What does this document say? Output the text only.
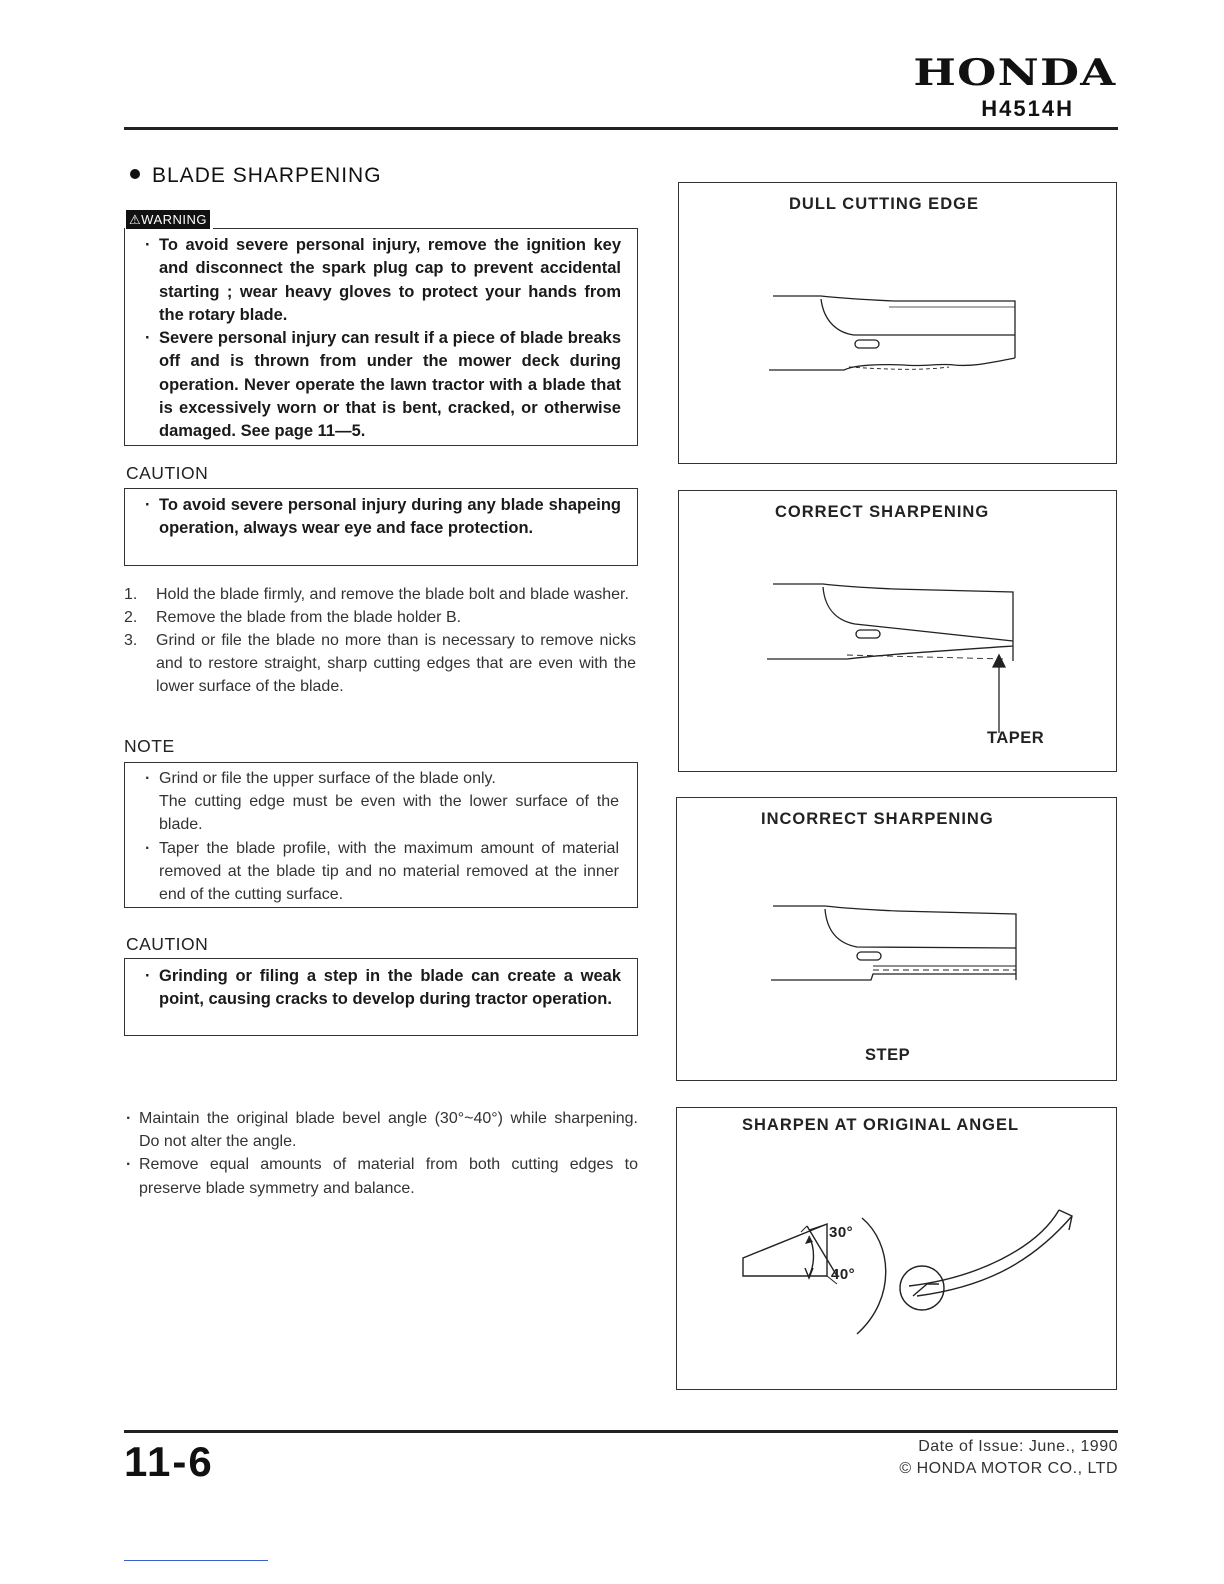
HONDA
H4514H
BLADE SHARPENING
⚠WARNING
· To avoid severe personal injury, remove the ignition key and disconnect the spark plug cap to prevent accidental starting ; wear heavy gloves to protect your hands from the rotary blade.
· Severe personal injury can result if a piece of blade breaks off and is thrown from under the mower deck during operation. Never operate the lawn tractor with a blade that is excessively worn or that is bent, cracked, or otherwise damaged. See page 11—5.
CAUTION
· To avoid severe personal injury during any blade shapeing operation, always wear eye and face protection.
1. Hold the blade firmly, and remove the blade bolt and blade washer.
2. Remove the blade from the blade holder B.
3. Grind or file the blade no more than is necessary to remove nicks and to restore straight, sharp cutting edges that are even with the lower surface of the blade.
NOTE
· Grind or file the upper surface of the blade only.
The cutting edge must be even with the lower surface of the blade.
· Taper the blade profile, with the maximum amount of material removed at the blade tip and no material removed at the inner end of the cutting surface.
CAUTION
· Grinding or filing a step in the blade can create a weak point, causing cracks to develop during tractor operation.
· Maintain the original blade bevel angle (30°~40°) while sharpening. Do not alter the angle.
· Remove equal amounts of material from both cutting edges to preserve blade symmetry and balance.
DULL CUTTING EDGE
CORRECT SHARPENING
TAPER
INCORRECT SHARPENING
STEP
SHARPEN AT ORIGINAL ANGEL
30°
40°
11-6	Date of Issue: June., 1990
© HONDA MOTOR CO., LTD
